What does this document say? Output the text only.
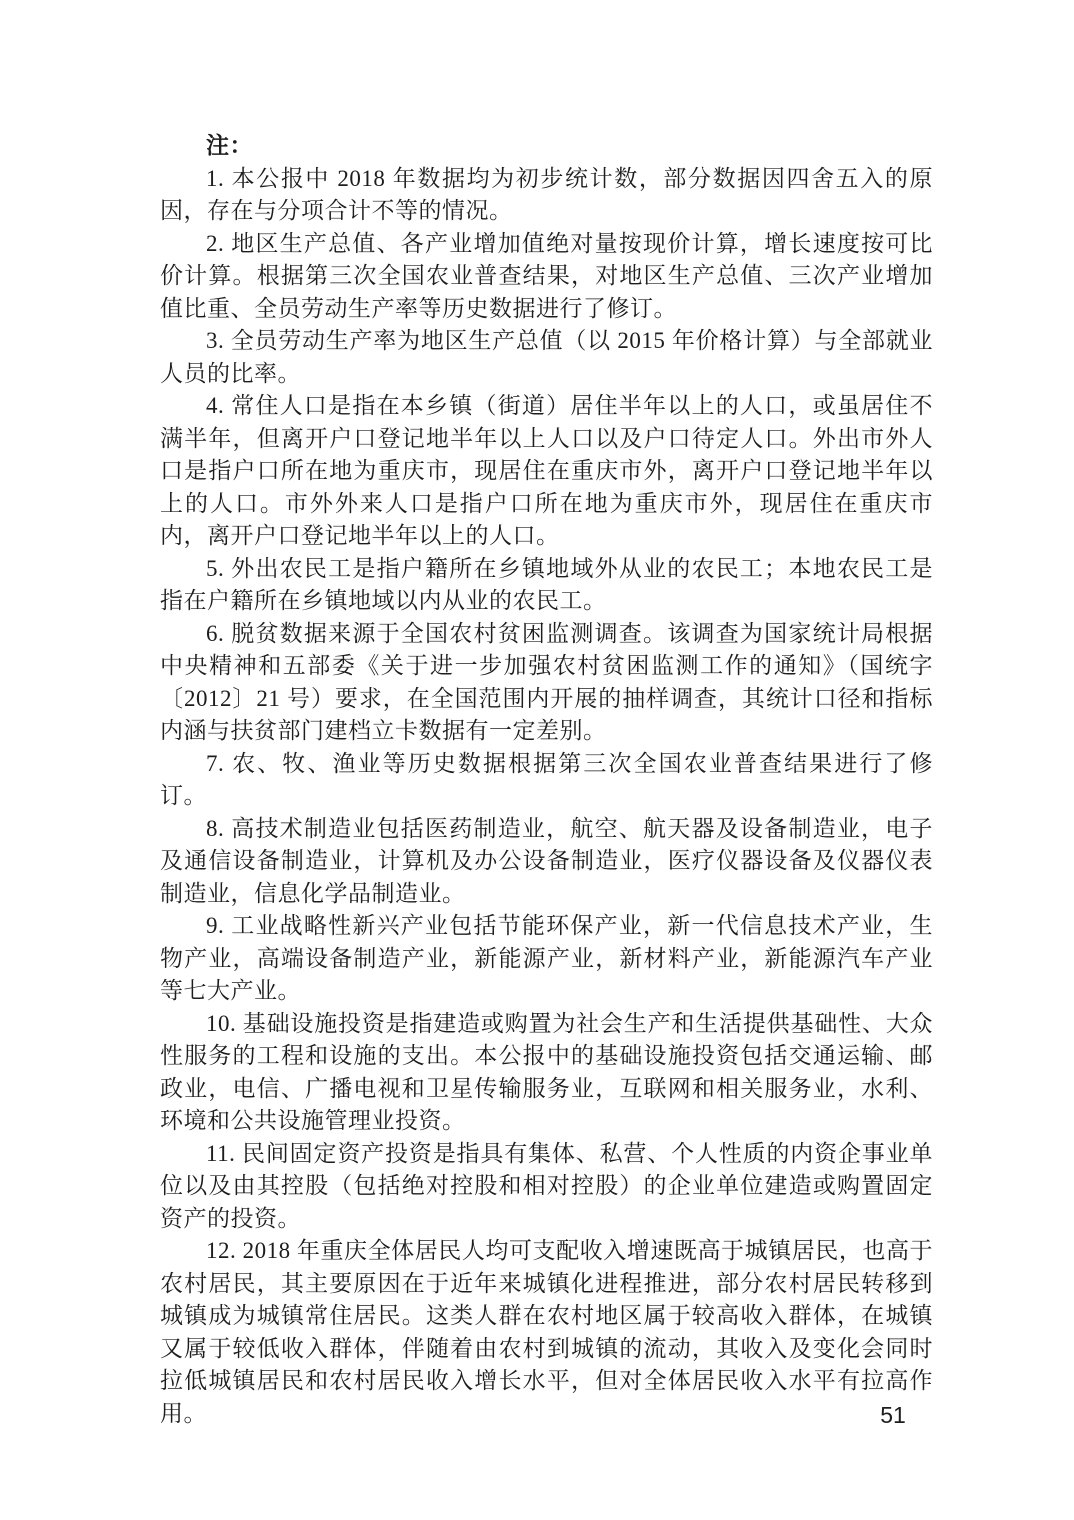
注：

1. 本公报中 2018 年数据均为初步统计数，部分数据因四舍五入的原因，存在与分项合计不等的情况。

2. 地区生产总值、各产业增加值绝对量按现价计算，增长速度按可比价计算。根据第三次全国农业普查结果，对地区生产总值、三次产业增加值比重、全员劳动生产率等历史数据进行了修订。

3. 全员劳动生产率为地区生产总值（以 2015 年价格计算）与全部就业人员的比率。

4. 常住人口是指在本乡镇（街道）居住半年以上的人口，或虽居住不满半年，但离开户口登记地半年以上人口以及户口待定人口。外出市外人口是指户口所在地为重庆市，现居住在重庆市外，离开户口登记地半年以上的人口。市外外来人口是指户口所在地为重庆市外，现居住在重庆市内，离开户口登记地半年以上的人口。

5. 外出农民工是指户籍所在乡镇地域外从业的农民工；本地农民工是指在户籍所在乡镇地域以内从业的农民工。

6. 脱贫数据来源于全国农村贫困监测调查。该调查为国家统计局根据中央精神和五部委《关于进一步加强农村贫困监测工作的通知》（国统字〔2012〕21 号）要求，在全国范围内开展的抽样调查，其统计口径和指标内涵与扶贫部门建档立卡数据有一定差别。

7. 农、牧、渔业等历史数据根据第三次全国农业普查结果进行了修订。

8. 高技术制造业包括医药制造业，航空、航天器及设备制造业，电子及通信设备制造业，计算机及办公设备制造业，医疗仪器设备及仪器仪表制造业，信息化学品制造业。

9. 工业战略性新兴产业包括节能环保产业，新一代信息技术产业，生物产业，高端设备制造产业，新能源产业，新材料产业，新能源汽车产业等七大产业。

10. 基础设施投资是指建造或购置为社会生产和生活提供基础性、大众性服务的工程和设施的支出。本公报中的基础设施投资包括交通运输、邮政业，电信、广播电视和卫星传输服务业，互联网和相关服务业，水利、环境和公共设施管理业投资。

11. 民间固定资产投资是指具有集体、私营、个人性质的内资企事业单位以及由其控股（包括绝对控股和相对控股）的企业单位建造或购置固定资产的投资。

12. 2018 年重庆全体居民人均可支配收入增速既高于城镇居民，也高于农村居民，其主要原因在于近年来城镇化进程推进，部分农村居民转移到城镇成为城镇常住居民。这类人群在农村地区属于较高收入群体，在城镇又属于较低收入群体，伴随着由农村到城镇的流动，其收入及变化会同时拉低城镇居民和农村居民收入增长水平，但对全体居民收入水平有拉高作用。	51
